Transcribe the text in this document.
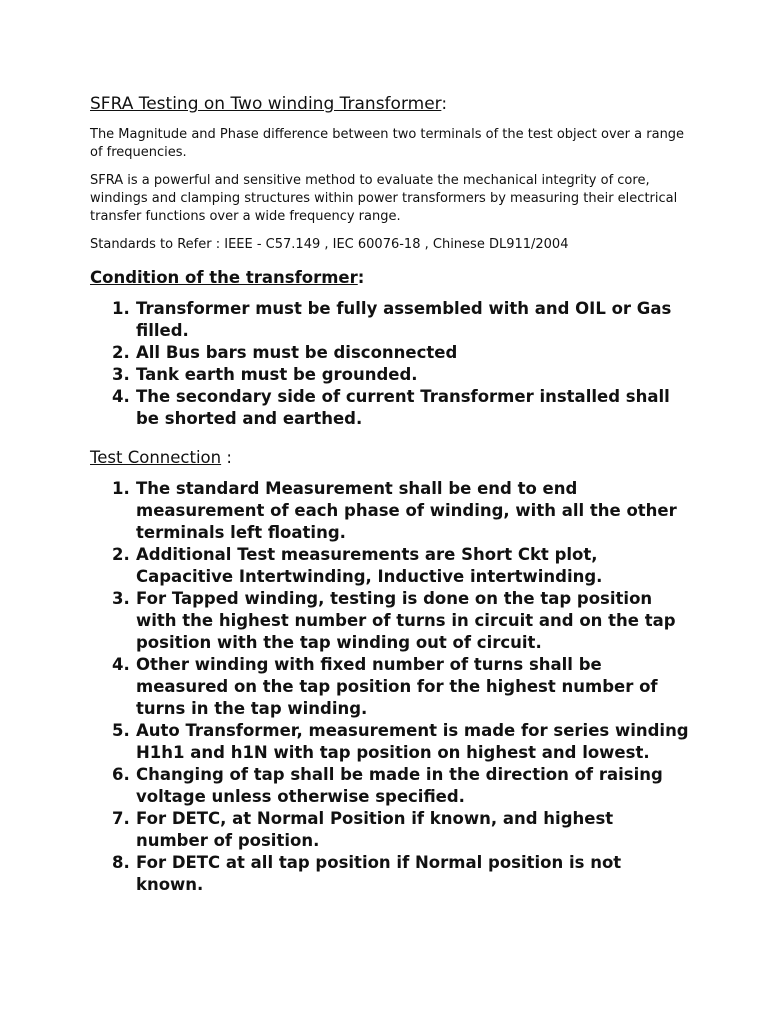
SFRA Testing on Two winding Transformer:

The Magnitude and Phase difference between two terminals of the test object over a range of frequencies.

SFRA is a powerful and sensitive method to evaluate the mechanical integrity of core, windings and clamping structures within power transformers by measuring their electrical transfer functions over a wide frequency range.

Standards to Refer : IEEE - C57.149 , IEC 60076-18 , Chinese DL911/2004

Condition of the transformer:
1. Transformer must be fully assembled with and OIL or Gas filled.
2. All Bus bars must be disconnected
3. Tank earth must be grounded.
4. The secondary side of current Transformer installed shall be shorted and earthed.
Test Connection :
1. The standard Measurement shall be end to end measurement of each phase of winding, with all the other terminals left floating.
2. Additional Test measurements are Short Ckt plot, Capacitive Intertwinding, Inductive intertwinding.
3. For Tapped winding, testing is done on the tap position with the highest number of turns in circuit and on the tap position with the tap winding out of circuit.
4. Other winding with fixed number of turns shall be measured on the tap position for the highest number of turns in the tap winding.
5. Auto Transformer, measurement is made for series winding H1h1 and h1N with tap position on highest and lowest.
6. Changing of tap shall be made in the direction of raising voltage unless otherwise specified.
7. For DETC, at Normal Position if known, and highest number of position.
8. For DETC at all tap position if Normal position is not known.
